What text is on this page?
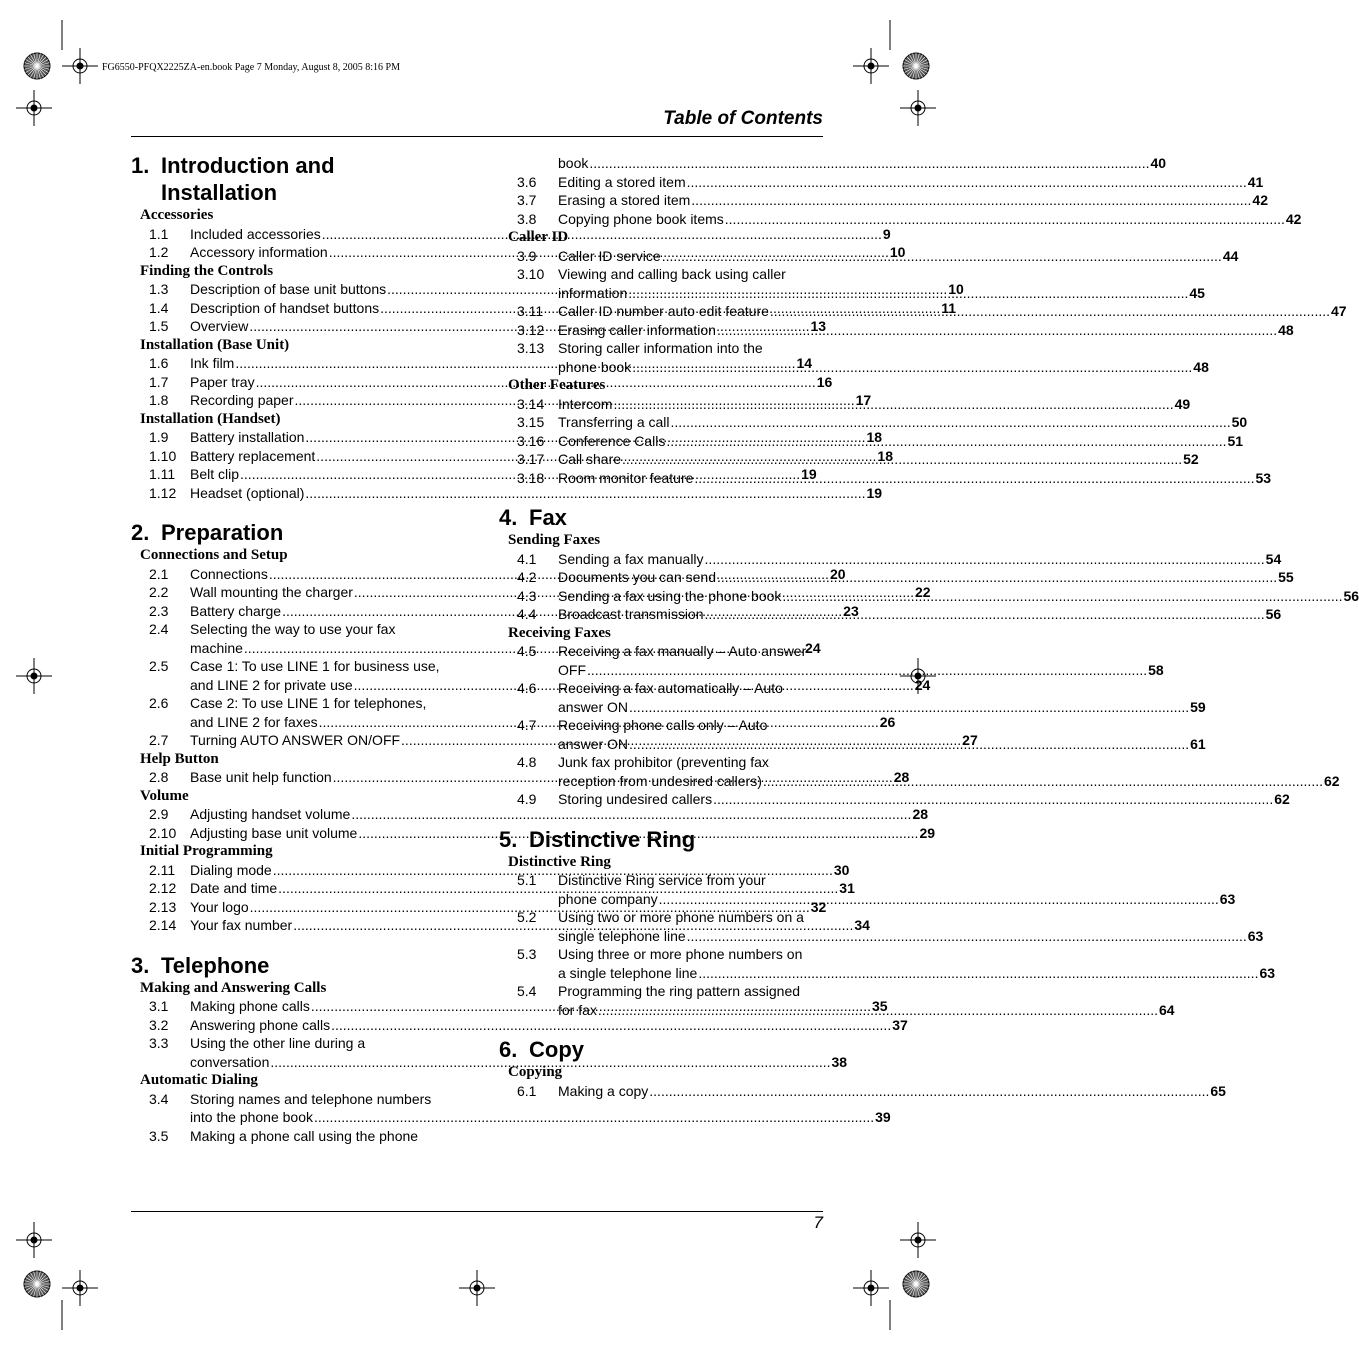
FG6550-PFQX2225ZA-en.book Page 7 Monday, August 8, 2005 8:16 PM
Table of Contents
1. Introduction and
Installation
Accessories
1.1	Included accessories .....	9
1.2	Accessory information .....	10
Finding the Controls
1.3	Description of base unit buttons .....	10
1.4	Description of handset buttons .....	11
1.5	Overview .....	13
Installation (Base Unit)
1.6	Ink film .....	14
1.7	Paper tray .....	16
1.8	Recording paper .....	17
Installation (Handset)
1.9	Battery installation .....	18
1.10 Battery replacement .....	18
1.11	Belt clip .....	19
1.12 Headset (optional) .....	19
2. Preparation
Connections and Setup
2.1	Connections .....	20
2.2	Wall mounting the charger .....	22
2.3	Battery charge .....	23
2.4	Selecting the way to use your fax
machine .....	24
2.5	Case 1: To use LINE 1 for business use,
and LINE 2 for private use .....	24
2.6	Case 2: To use LINE 1 for telephones,
and LINE 2 for faxes .....	26
2.7	Turning AUTO ANSWER ON/OFF .....	27
Help Button
2.8	Base unit help function .....	28
Volume
2.9	Adjusting handset volume .....	28
2.10 Adjusting base unit volume .....	29
Initial Programming
2.11	Dialing mode .....	30
2.12 Date and time .....	31
2.13 Your logo .....	32
2.14 Your fax number .....	34
3. Telephone
Making and Answering Calls
3.1	Making phone calls .....	35
3.2	Answering phone calls .....	37
3.3	Using the other line during a
conversation .....	38
Automatic Dialing
3.4	Storing names and telephone numbers
into the phone book .....	39
3.5	Making a phone call using the phone
book .....	40
3.6	Editing a stored item .....	41
3.7	Erasing a stored item .....	42
3.8	Copying phone book items .....	42
Caller ID
3.9	Caller ID service .....	44
3.10 Viewing and calling back using caller
information .....	45
3.11	Caller ID number auto edit feature .....	47
3.12 Erasing caller information .....	48
3.13 Storing caller information into the
phone book .....	48
Other Features
3.14 Intercom .....	49
3.15 Transferring a call .....	50
3.16 Conference Calls .....	51
3.17 Call share .....	52
3.18 Room monitor feature .....	53
4. Fax
Sending Faxes
4.1	Sending a fax manually .....	54
4.2	Documents you can send .....	55
4.3	Sending a fax using the phone book .....	56
4.4	Broadcast transmission .....	56
Receiving Faxes
4.5	Receiving a fax manually – Auto answer
OFF .....	58
4.6	Receiving a fax automatically – Auto
answer ON .....	59
4.7	Receiving phone calls only – Auto
answer ON .....	61
4.8	Junk fax prohibitor (preventing fax
reception from undesired callers) .....	62
4.9	Storing undesired callers .....	62
5. Distinctive Ring
Distinctive Ring
5.1	Distinctive Ring service from your
phone company .....	63
5.2	Using two or more phone numbers on a
single telephone line .....	63
5.3	Using three or more phone numbers on
a single telephone line .....	63
5.4	Programming the ring pattern assigned
for fax .....	64
6. Copy
Copying
6.1	Making a copy .....	65
7
